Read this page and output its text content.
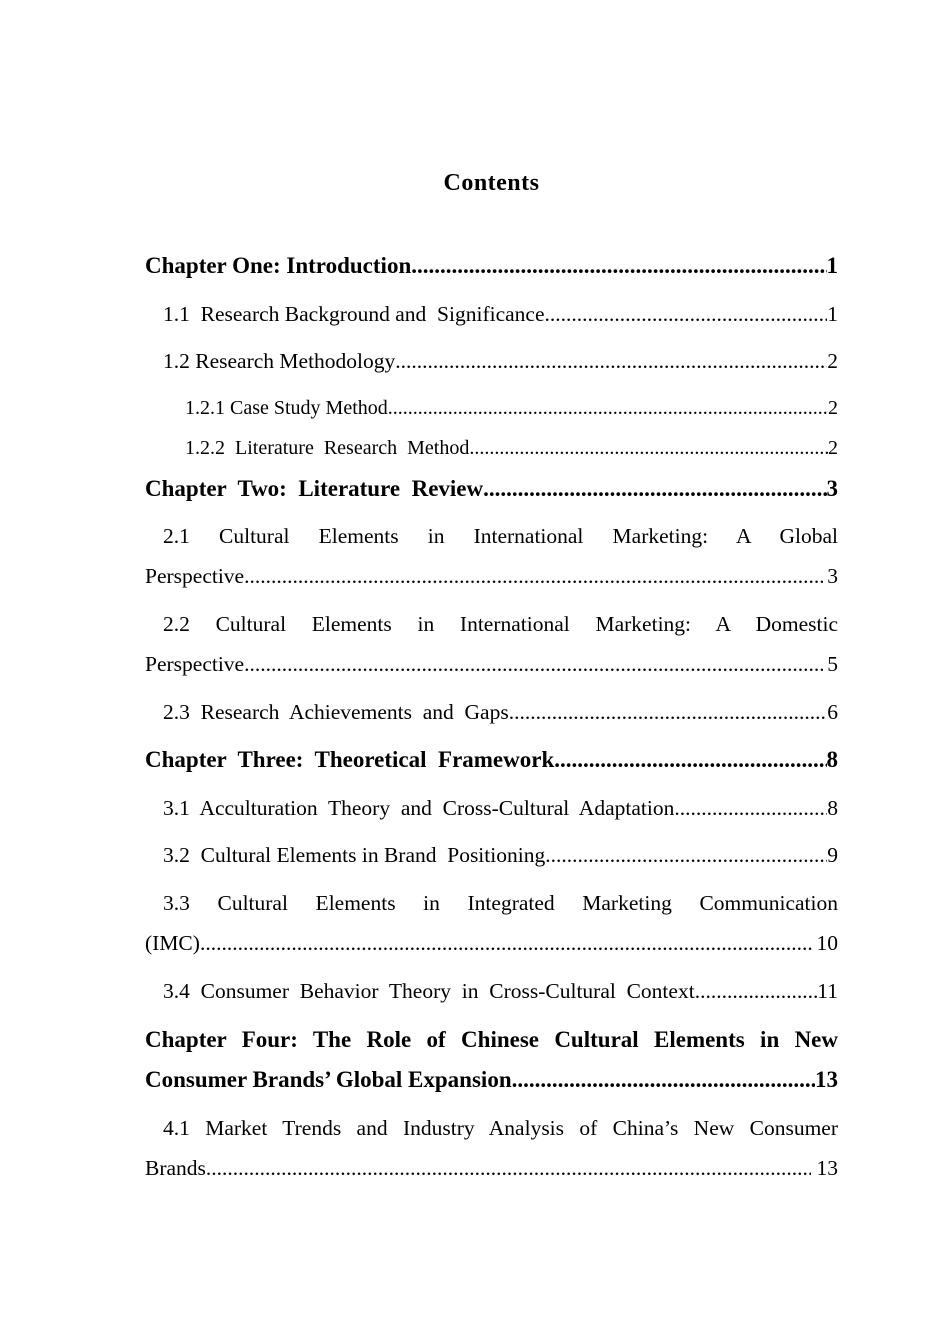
Contents
Chapter One: Introduction .....	1
1.1  Research Background and  Significance .....	1
1.2 Research Methodology .....	2
1.2.1 Case Study Method .....	2
1.2.2  Literature  Research  Method .....	2
Chapter  Two:  Literature  Review .....	3
2.1 Cultural Elements in International Marketing: A Global
Perspective .....	3
2.2 Cultural Elements in International Marketing: A Domestic
Perspective .....	5
2.3  Research  Achievements  and  Gaps .....	6
Chapter  Three:  Theoretical  Framework .....	8
3.1  Acculturation  Theory  and  Cross-Cultural  Adaptation .....	8
3.2  Cultural Elements in Brand  Positioning .....	9
3.3 Cultural Elements in Integrated Marketing Communication
(IMC) .....	10
3.4  Consumer  Behavior  Theory  in  Cross-Cultural  Context .....	11
Chapter Four: The Role of Chinese Cultural Elements in New
Consumer Brands’ Global Expansion .....	13
4.1 Market Trends and Industry Analysis of China’s New Consumer
Brands .....	13
